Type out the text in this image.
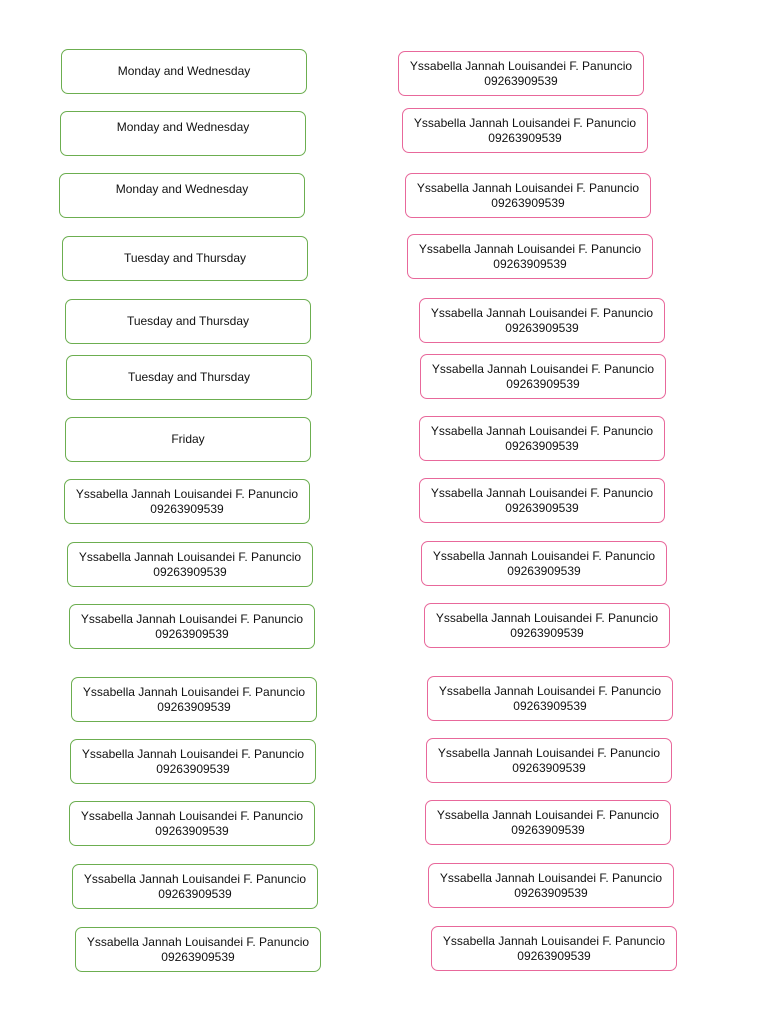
Monday and Wednesday
Monday and Wednesday
Monday and Wednesday
Tuesday and Thursday
Tuesday and Thursday
Tuesday and Thursday
Friday
Yssabella Jannah Louisandei F. Panuncio
09263909539
Yssabella Jannah Louisandei F. Panuncio
09263909539
Yssabella Jannah Louisandei F. Panuncio
09263909539
Yssabella Jannah Louisandei F. Panuncio
09263909539
Yssabella Jannah Louisandei F. Panuncio
09263909539
Yssabella Jannah Louisandei F. Panuncio
09263909539
Yssabella Jannah Louisandei F. Panuncio
09263909539
Yssabella Jannah Louisandei F. Panuncio
09263909539
Yssabella Jannah Louisandei F. Panuncio
09263909539
Yssabella Jannah Louisandei F. Panuncio
09263909539
Yssabella Jannah Louisandei F. Panuncio
09263909539
Yssabella Jannah Louisandei F. Panuncio
09263909539
Yssabella Jannah Louisandei F. Panuncio
09263909539
Yssabella Jannah Louisandei F. Panuncio
09263909539
Yssabella Jannah Louisandei F. Panuncio
09263909539
Yssabella Jannah Louisandei F. Panuncio
09263909539
Yssabella Jannah Louisandei F. Panuncio
09263909539
Yssabella Jannah Louisandei F. Panuncio
09263909539
Yssabella Jannah Louisandei F. Panuncio
09263909539
Yssabella Jannah Louisandei F. Panuncio
09263909539
Yssabella Jannah Louisandei F. Panuncio
09263909539
Yssabella Jannah Louisandei F. Panuncio
09263909539
Yssabella Jannah Louisandei F. Panuncio
09263909539
